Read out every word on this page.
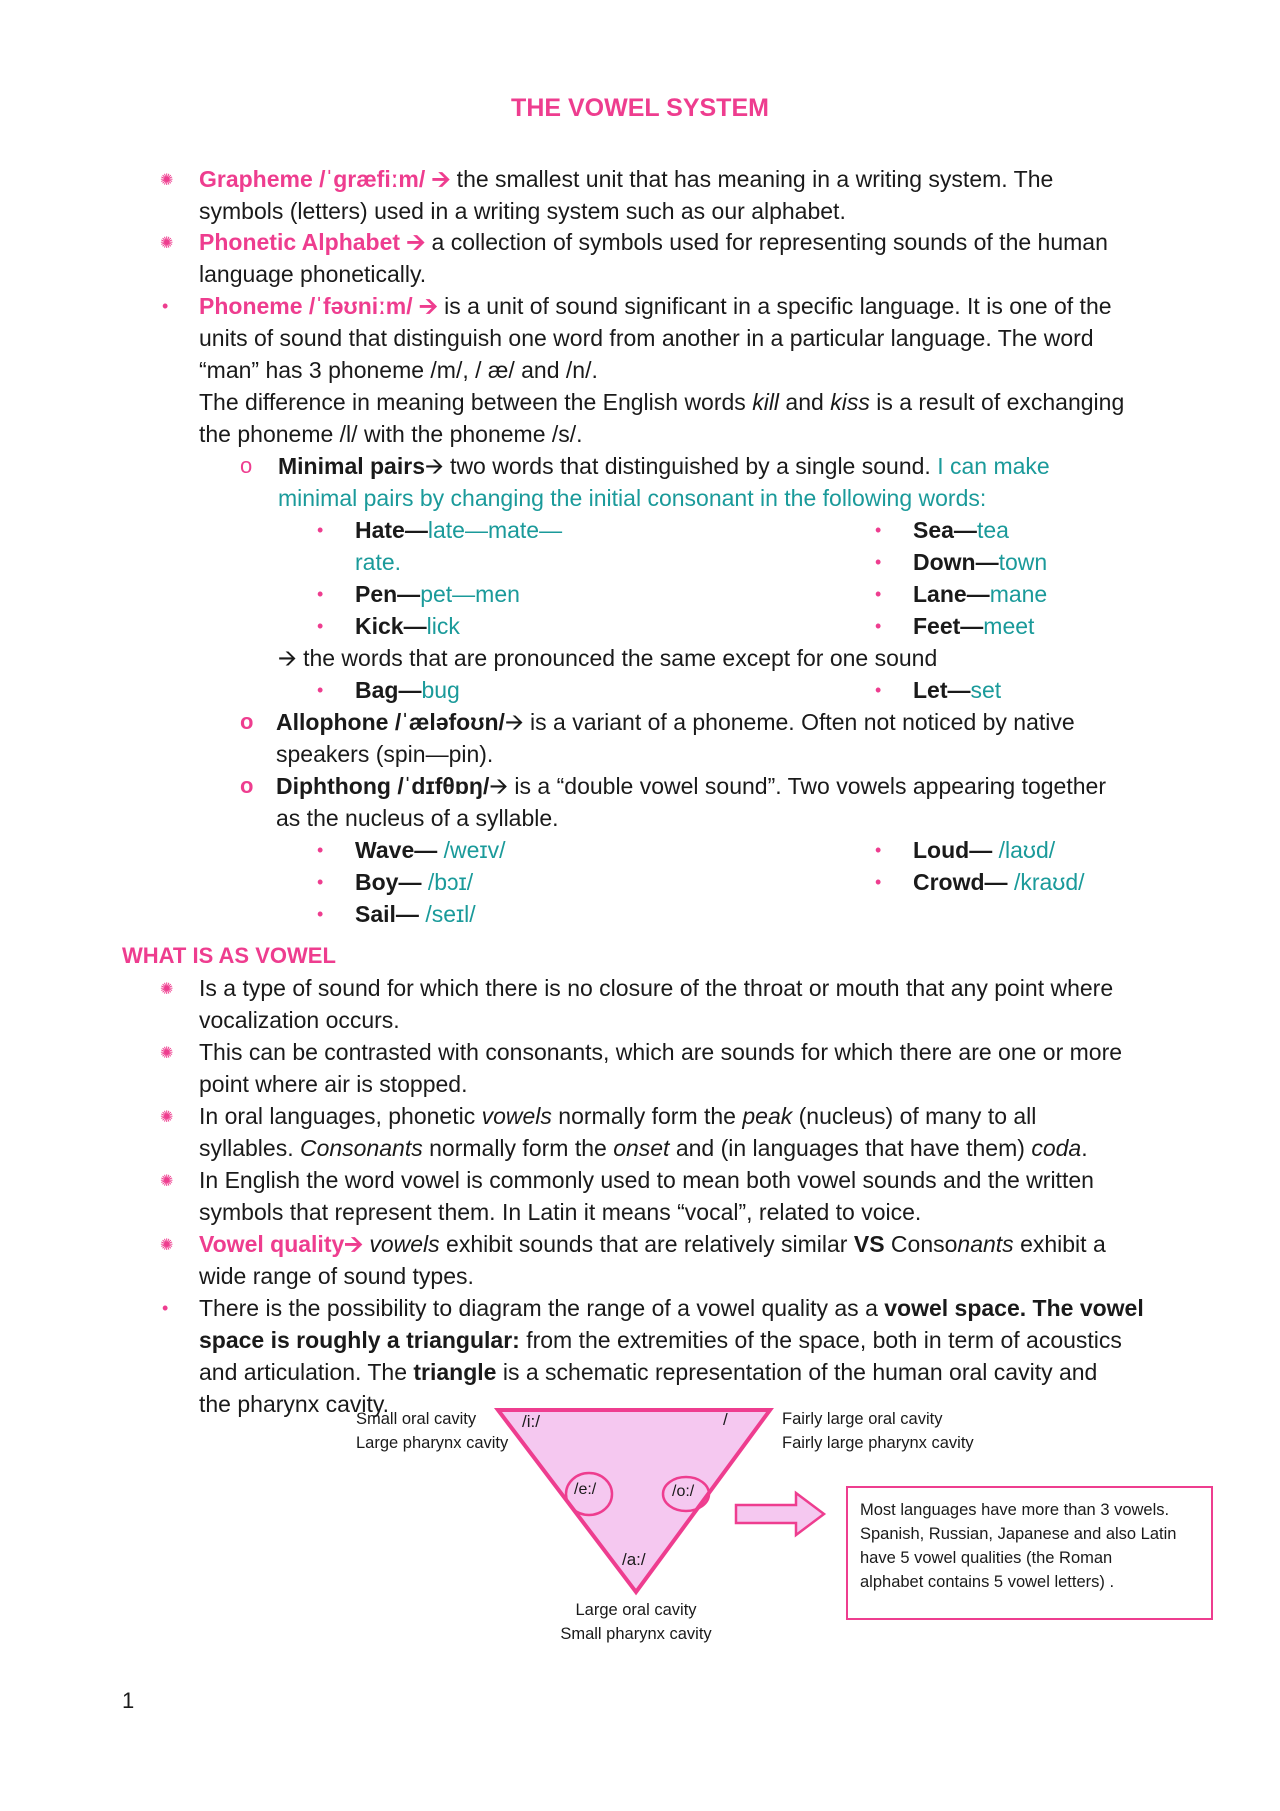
THE VOWEL SYSTEM
✺ Grapheme /ˈɡræfiːm/ 🡪 the smallest unit that has meaning in a writing system. The
symbols (letters) used in a writing system such as our alphabet.
✺ Phonetic Alphabet 🡪 a collection of symbols used for representing sounds of the human
language phonetically.
• Phoneme /ˈfəʊniːm/ 🡪 is a unit of sound significant in a specific language. It is one of the
units of sound that distinguish one word from another in a particular language. The word
“man” has 3 phoneme /m/, / æ/ and /n/.
The difference in meaning between the English words kill and kiss is a result of exchanging
the phoneme /l/ with the phoneme /s/.
o Minimal pairs🡪 two words that distinguished by a single sound. I can make
minimal pairs by changing the initial consonant in the following words:
• Hate—late—mate—
rate.
• Pen—pet—men
• Kick—lick
• Sea—tea
• Down—town
• Lane—mane
• Feet—meet
🡪 the words that are pronounced the same except for one sound
• Bag—bug	• Let—set
o Allophone /ˈæləfoʊn/🡪 is a variant of a phoneme. Often not noticed by native
speakers (spin—pin).
o Diphthong /ˈdɪfθɒŋ/🡪 is a “double vowel sound”. Two vowels appearing together
as the nucleus of a syllable.
• Wave— /weɪv/
• Boy— /bɔɪ/
• Sail— /seɪl/
• Loud— /laʊd/
• Crowd— /kraʊd/
WHAT IS AS VOWEL
✺ Is a type of sound for which there is no closure of the throat or mouth that any point where
vocalization occurs.
✺ This can be contrasted with consonants, which are sounds for which there are one or more
point where air is stopped.
✺ In oral languages, phonetic vowels normally form the peak (nucleus) of many to all
syllables. Consonants normally form the onset and (in languages that have them) coda.
✺ In English the word vowel is commonly used to mean both vowel sounds and the written
symbols that represent them. In Latin it means “vocal”, related to voice.
✺ Vowel quality🡪 vowels exhibit sounds that are relatively similar VS Consonants exhibit a
wide range of sound types.
• There is the possibility to diagram the range of a vowel quality as a vowel space. The vowel
space is roughly a triangular: from the extremities of the space, both in term of acoustics
and articulation. The triangle is a schematic representation of the human oral cavity and
the pharynx cavity.
/i:/	/
/e:/	/o:/
/a:/
Small oral cavity
Large pharynx cavity
Fairly large oral cavity
Fairly large pharynx cavity
Large oral cavity
Small pharynx cavity
Most languages have more than 3 vowels.
Spanish, Russian, Japanese and also Latin
have 5 vowel qualities (the Roman
alphabet contains 5 vowel letters) .
1
